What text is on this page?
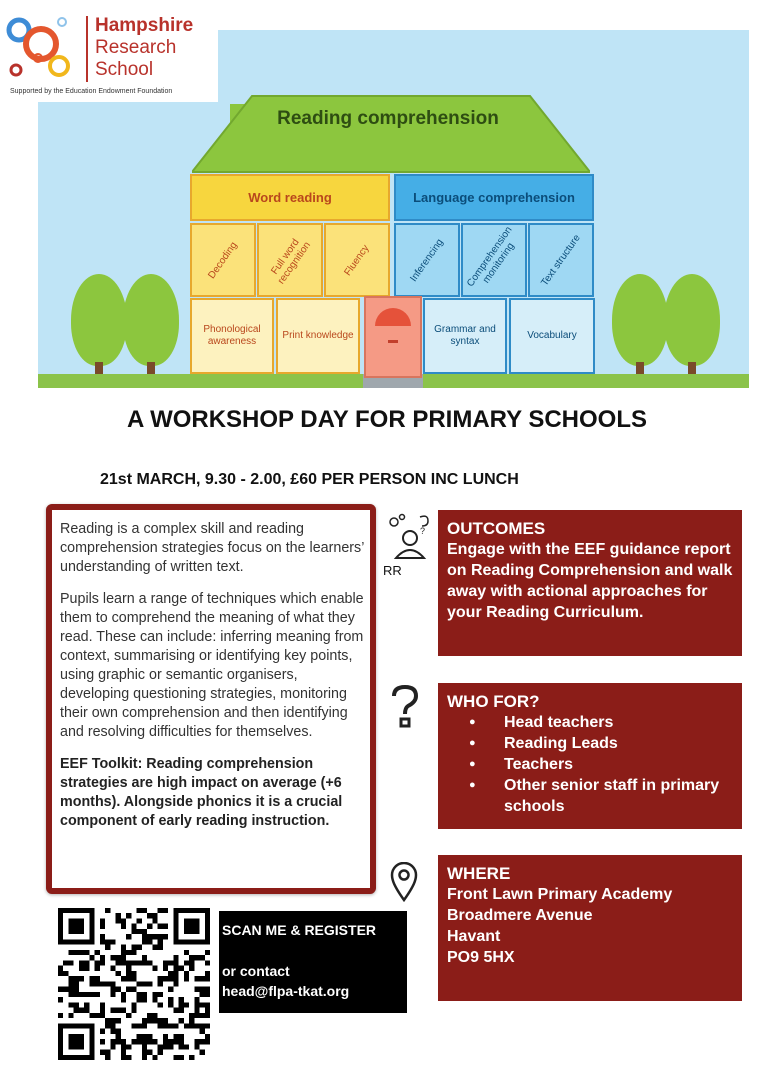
Reading comprehension
Word reading	Language comprehension
Decoding	Full word recognition	Fluency	Inferencing	Comprehension monitoring	Text structure
Phonological awareness
Print knowledge
Grammar and syntax
Vocabulary
Hampshire
Research
School
Supported by the Education Endowment Foundation
A WORKSHOP DAY FOR PRIMARY SCHOOLS
21st MARCH, 9.30 - 2.00, £60 PER PERSON INC LUNCH

Reading is a complex skill and reading comprehension strategies focus on the learners’ understanding of written text.

Pupils learn a range of techniques which enable them to comprehend the meaning of what they read. These can include: inferring meaning from context, summarising or identifying key points, using graphic or semantic organisers, developing questioning strategies, monitoring their own comprehension and then identifying and resolving difficulties for themselves.

EEF Toolkit: Reading comprehension strategies are high impact on average (+6 months). Alongside phonics it is a crucial component of early reading instruction.

?
RR
OUTCOMES
Engage with the EEF guidance report on Reading Comprehension and walk away with actional approaches for your Reading Curriculum.
WHO FOR?
● Head teachers
● Reading Leads
● Teachers
● Other senior staff in primary schools
WHERE
Front Lawn Primary Academy
Broadmere Avenue
Havant
PO9 5HX
SCAN ME & REGISTER
or contact
head@flpa-tkat.org
